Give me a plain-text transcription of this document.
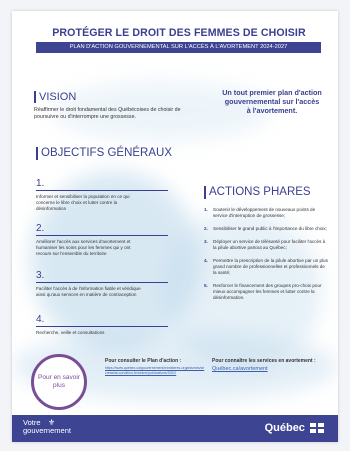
PROTÉGER LE DROIT DES FEMMES DE CHOISIR
PLAN D'ACTION GOUVERNEMENTAL SUR L'ACCÈS À L'AVORTEMENT 2024-2027
VISION
Réaffirmer le droit fondamental des Québécoises de choisir de poursuivre ou d'interrompre une grossesse.
Un tout premier plan d'action gouvernemental sur l'accès à l'avortement.
OBJECTIFS GÉNÉRAUX
1.
Informer et sensibiliser la population en ce qui concerne le libre choix et lutter contre la désinformation
2.
Améliorer l'accès aux services d'avortement et humaniser les soins pour les femmes qui y ont recours sur l'ensemble du territoire
3.
Faciliter l'accès à de l'information fiable et véridique ainsi qu'aux services en matière de contraception
4.
Recherche, veille et consultations
ACTIONS PHARES
1.	Soutenir le développement de nouveaux points de service d'interruption de grossesse;
2.	Sensibiliser le grand public à l'importance du libre choix;
3.	Déployer un service de télésanté pour faciliter l'accès à la pilule abortive partout au Québec;
4.	Permettre la prescription de la pilule abortive par un plus grand nombre de professionnelles et professionnels de la santé;
5.	Renforcer le financement des groupes pro-choix pour mieux accompagner les femmes et lutter contre la désinformation.
Pour en savoir plus
Pour consulter le Plan d'action :
https://www.quebec.ca/gouvernement/ministeres-organismes/secretariat-condition-feminine/publications/SS02
Pour connaître les services en avortement :
Québec.ca/avortement
Votre
gouvernement
⚜	Québec
